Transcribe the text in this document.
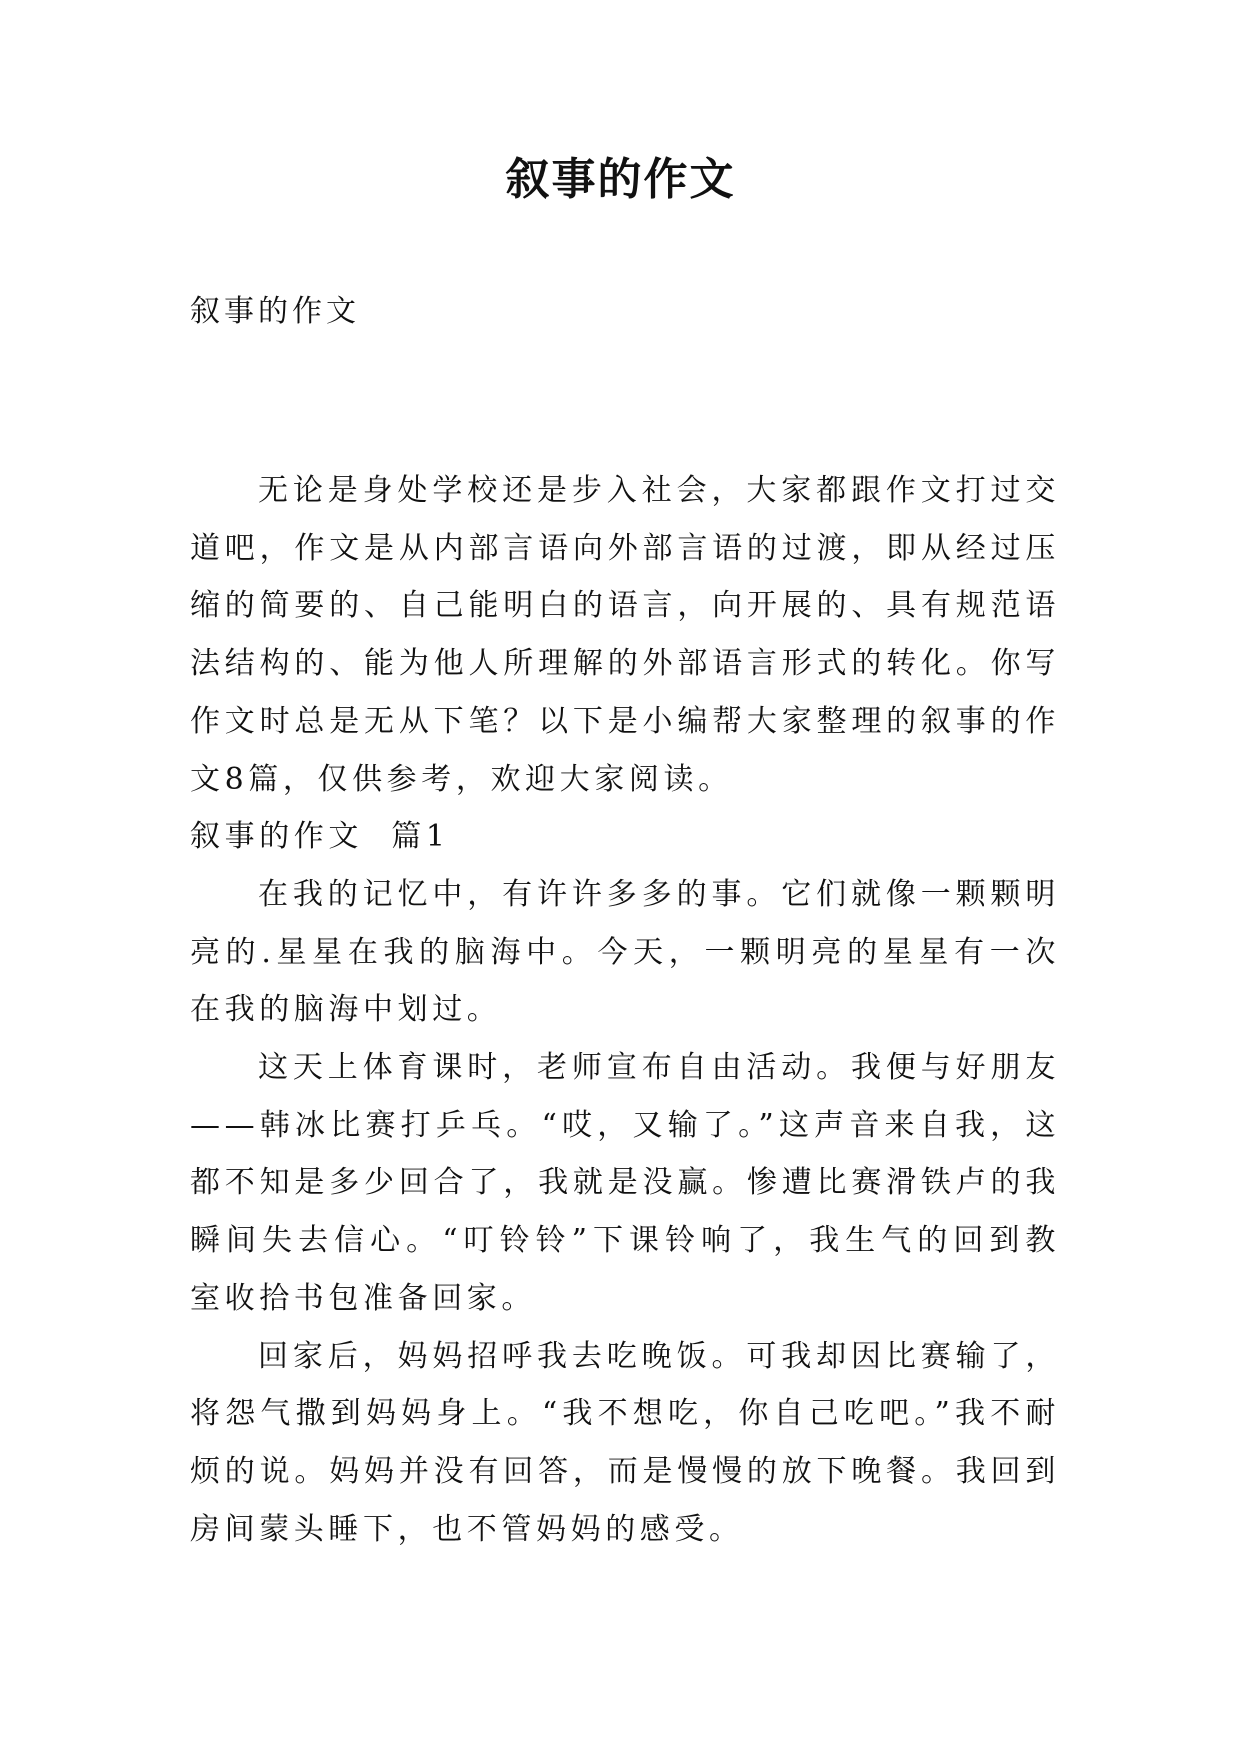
叙事的作文
叙事的作文

无论是身处学校还是步入社会，大家都跟作文打过交道吧，作文是从内部言语向外部言语的过渡，即从经过压缩的简要的、自己能明白的语言，向开展的、具有规范语法结构的、能为他人所理解的外部语言形式的转化。你写作文时总是无从下笔？以下是小编帮大家整理的叙事的作文8篇，仅供参考，欢迎大家阅读。

叙事的作文  篇1

在我的记忆中，有许许多多的事。它们就像一颗颗明亮的.星星在我的脑海中。今天，一颗明亮的星星有一次在我的脑海中划过。

这天上体育课时，老师宣布自由活动。我便与好朋友——韩冰比赛打乒乓。“哎，又输了。”这声音来自我，这都不知是多少回合了，我就是没赢。惨遭比赛滑铁卢的我瞬间失去信心。“叮铃铃”下课铃响了，我生气的回到教室收拾书包准备回家。

回家后，妈妈招呼我去吃晚饭。可我却因比赛输了，将怨气撒到妈妈身上。“我不想吃，你自己吃吧。”我不耐烦的说。妈妈并没有回答，而是慢慢的放下晚餐。我回到房间蒙头睡下，也不管妈妈的感受。
